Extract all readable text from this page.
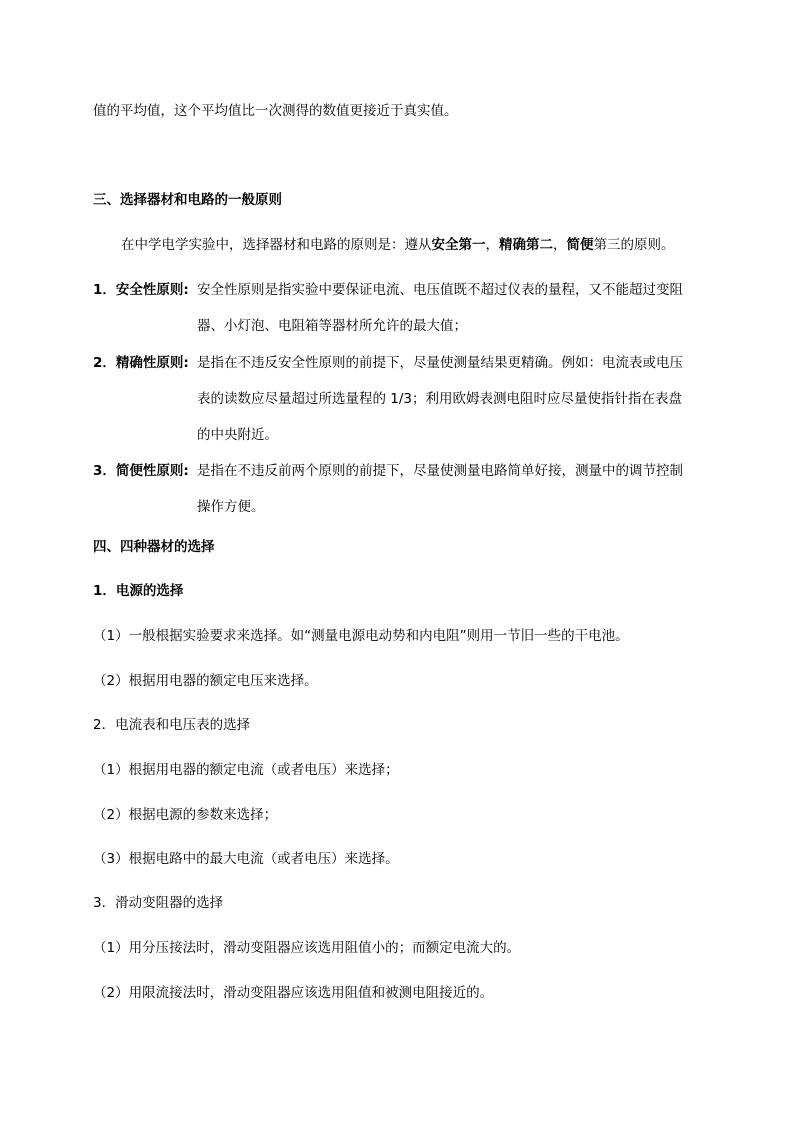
值的平均值，这个平均值比一次测得的数值更接近于真实值。
三、选择器材和电路的一般原则
在中学电学实验中，选择器材和电路的原则是：遵从安全第一，精确第二，简便第三的原则。
1．安全性原则: 安全性原则是指实验中要保证电流、电压值既不超过仪表的量程，又不能超过变阻
器、小灯泡、电阻箱等器材所允许的最大值；
2．精确性原则: 是指在不违反安全性原则的前提下，尽量使测量结果更精确。例如：电流表或电压
表的读数应尽量超过所选量程的 1/3；利用欧姆表测电阻时应尽量使指针指在表盘
的中央附近。
3．简便性原则: 是指在不违反前两个原则的前提下，尽量使测量电路简单好接，测量中的调节控制
操作方便。
四、四种器材的选择
1．电源的选择
（1）一般根据实验要求来选择。如“测量电源电动势和内电阻”则用一节旧一些的干电池。
（2）根据用电器的额定电压来选择。
2．电流表和电压表的选择
（1）根据用电器的额定电流（或者电压）来选择；
（2）根据电源的参数来选择；
（3）根据电路中的最大电流（或者电压）来选择。
3．滑动变阻器的选择
（1）用分压接法时，滑动变阻器应该选用阻值小的；而额定电流大的。
（2）用限流接法时，滑动变阻器应该选用阻值和被测电阻接近的。
